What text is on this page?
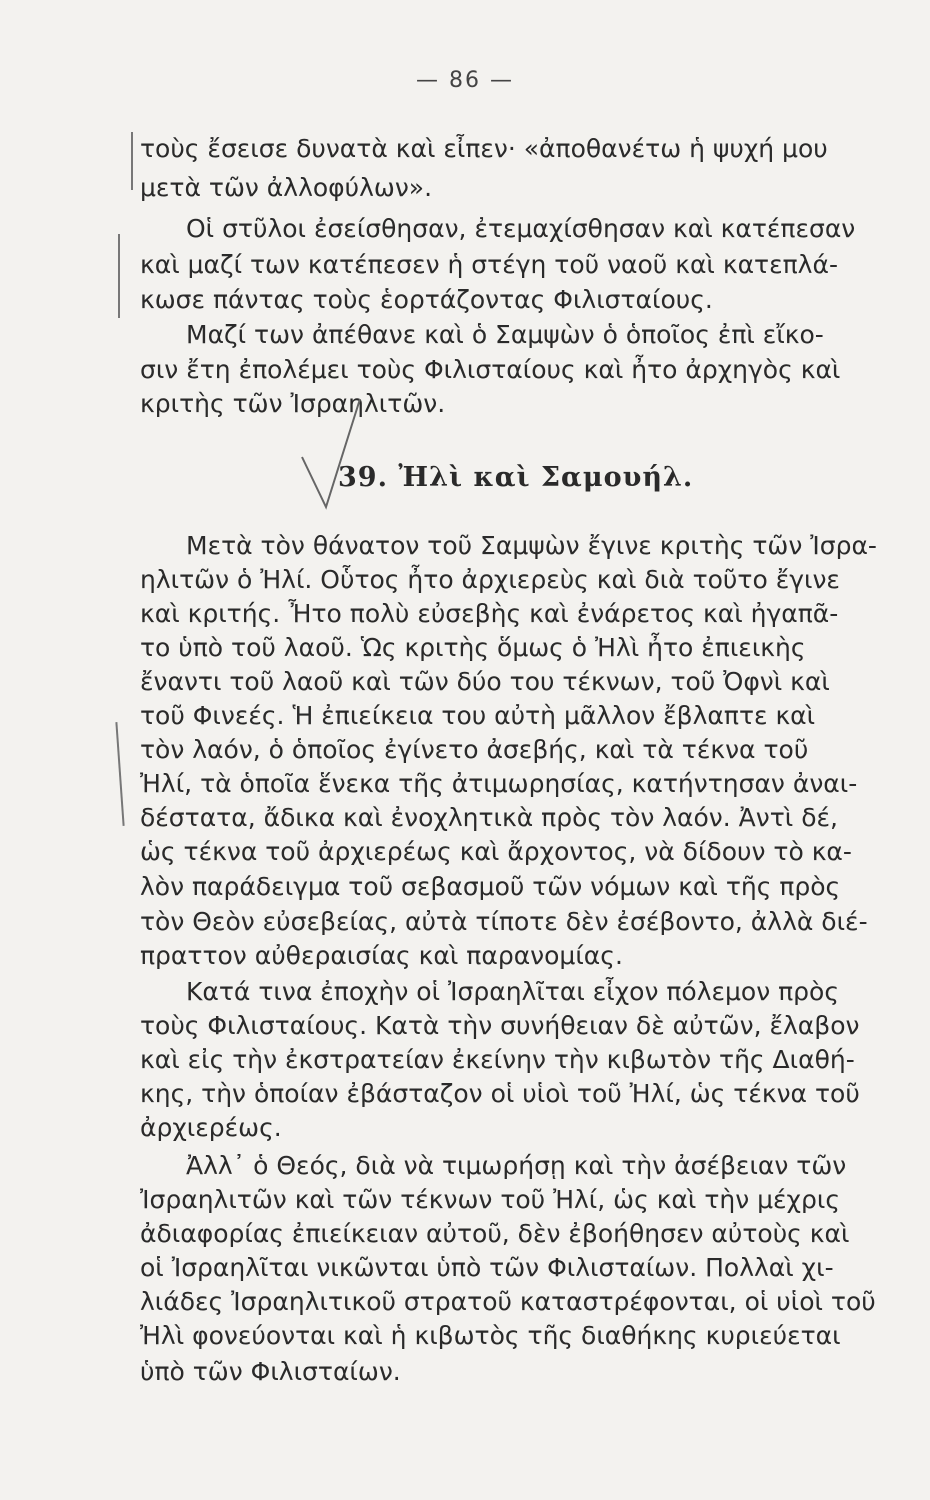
— 86 —
τοὺς ἔσεισε δυνατὰ καὶ εἶπεν· «ἀποθανέτω ἡ ψυχή μου
μετὰ τῶν ἀλλοφύλων».
Οἱ στῦλοι ἐσείσθησαν, ἐτεμαχίσθησαν καὶ κατέπεσαν
καὶ μαζί των κατέπεσεν ἡ στέγη τοῦ ναοῦ καὶ κατεπλά-
κωσε πάντας τοὺς ἑορτάζοντας Φιλισταίους.
Μαζί των ἀπέθανε καὶ ὁ Σαμψὼν ὁ ὁποῖος ἐπὶ εἴκο-
σιν ἔτη ἐπολέμει τοὺς Φιλισταίους καὶ ἦτο ἀρχηγὸς καὶ
κριτὴς τῶν Ἰσραηλιτῶν.
39. Ἠλὶ καὶ Σαμουήλ.
Μετὰ τὸν θάνατον τοῦ Σαμψὼν ἔγινε κριτὴς τῶν Ἰσρα-
ηλιτῶν ὁ Ἠλί. Οὗτος ἦτο ἀρχιερεὺς καὶ διὰ τοῦτο ἔγινε
καὶ κριτής. Ἦτο πολὺ εὐσεβὴς καὶ ἐνάρετος καὶ ἠγαπᾶ-
το ὑπὸ τοῦ λαοῦ. Ὡς κριτὴς ὅμως ὁ Ἠλὶ ἦτο ἐπιεικὴς
ἔναντι τοῦ λαοῦ καὶ τῶν δύο του τέκνων, τοῦ Ὀφνὶ καὶ
τοῦ Φινεές. Ἡ ἐπιείκεια του αὐτὴ μᾶλλον ἔβλαπτε καὶ
τὸν λαόν, ὁ ὁποῖος ἐγίνετο ἀσεβής, καὶ τὰ τέκνα τοῦ
Ἠλί, τὰ ὁποῖα ἕνεκα τῆς ἀτιμωρησίας, κατήντησαν ἀναι-
δέστατα, ἄδικα καὶ ἐνοχλητικὰ πρὸς τὸν λαόν. Ἀντὶ δέ,
ὡς τέκνα τοῦ ἀρχιερέως καὶ ἄρχοντος, νὰ δίδουν τὸ κα-
λὸν παράδειγμα τοῦ σεβασμοῦ τῶν νόμων καὶ τῆς πρὸς
τὸν Θεὸν εὐσεβείας, αὐτὰ τίποτε δὲν ἐσέβοντο, ἀλλὰ διέ-
πραττον αὐθεραισίας καὶ παρανομίας.
Κατά τινα ἐποχὴν οἱ Ἰσραηλῖται εἶχον πόλεμον πρὸς
τοὺς Φιλισταίους. Κατὰ τὴν συνήθειαν δὲ αὐτῶν, ἔλαβον
καὶ εἰς τὴν ἐκστρατείαν ἐκείνην τὴν κιβωτὸν τῆς Διαθή-
κης, τὴν ὁποίαν ἐβάσταζον οἱ υἱοὶ τοῦ Ἠλί, ὡς τέκνα τοῦ
ἀρχιερέως.
Ἀλλ᾽ ὁ Θεός, διὰ νὰ τιμωρήσῃ καὶ τὴν ἀσέβειαν τῶν
Ἰσραηλιτῶν καὶ τῶν τέκνων τοῦ Ἠλί, ὡς καὶ τὴν μέχρις
ἀδιαφορίας ἐπιείκειαν αὐτοῦ, δὲν ἐβοήθησεν αὐτοὺς καὶ
οἱ Ἰσραηλῖται νικῶνται ὑπὸ τῶν Φιλισταίων. Πολλαὶ χι-
λιάδες Ἰσραηλιτικοῦ στρατοῦ καταστρέφονται, οἱ υἱοὶ τοῦ
Ἠλὶ φονεύονται καὶ ἡ κιβωτὸς τῆς διαθήκης κυριεύεται
ὑπὸ τῶν Φιλισταίων.
